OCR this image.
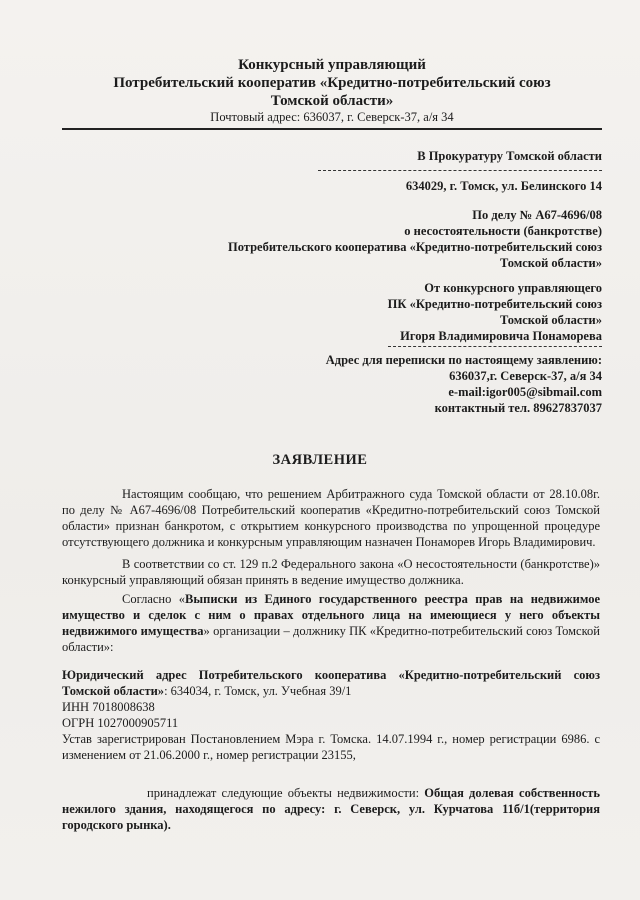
Конкурсный управляющий
Потребительский кооператив «Кредитно-потребительский союз
Томской области»
Почтовый адрес: 636037, г. Северск-37, а/я 34
В Прокуратуру Томской области
634029, г. Томск, ул. Белинского 14
По делу № А67-4696/08
о несостоятельности (банкротстве)
Потребительского кооператива «Кредитно-потребительский союз
Томской области»
От конкурсного управляющего
ПК «Кредитно-потребительский союз
Томской области»
Игоря Владимировича Понаморева
Адрес для переписки по настоящему заявлению:
636037,г. Северск-37, а/я 34
e-mail:igor005@sibmail.com
контактный тел. 89627837037
ЗАЯВЛЕНИЕ

Настоящим сообщаю, что решением Арбитражного суда Томской области от 28.10.08г. по делу № А67-4696/08 Потребительский кооператив «Кредитно-потребительский союз Томской области» признан банкротом, с открытием конкурсного производства по упрощенной процедуре отсутствующего должника и конкурсным управляющим назначен Понаморев Игорь Владимирович.

В соответствии со ст. 129 п.2 Федерального закона «О несостоятельности (банкротстве)» конкурсный управляющий обязан принять в ведение имущество должника.

Согласно «Выписки из Единого государственного реестра прав на недвижимое имущество и сделок с ним о правах отдельного лица на имеющиеся у него объекты недвижимого имущества» организации – должнику ПК «Кредитно-потребительский союз Томской области»:

Юридический адрес Потребительского кооператива «Кредитно-потребительский союз Томской области»: 634034, г. Томск, ул. Учебная 39/1
ИНН 7018008638
ОГРН 1027000905711
Устав зарегистрирован Постановлением Мэра г. Томска. 14.07.1994 г., номер регистрации 6986. с изменением от 21.06.2000 г., номер регистрации 23155,

принадлежат следующие объекты недвижимости: Общая долевая собственность нежилого здания, находящегося по адресу: г. Северск, ул. Курчатова 11б/1(территория городского рынка).
